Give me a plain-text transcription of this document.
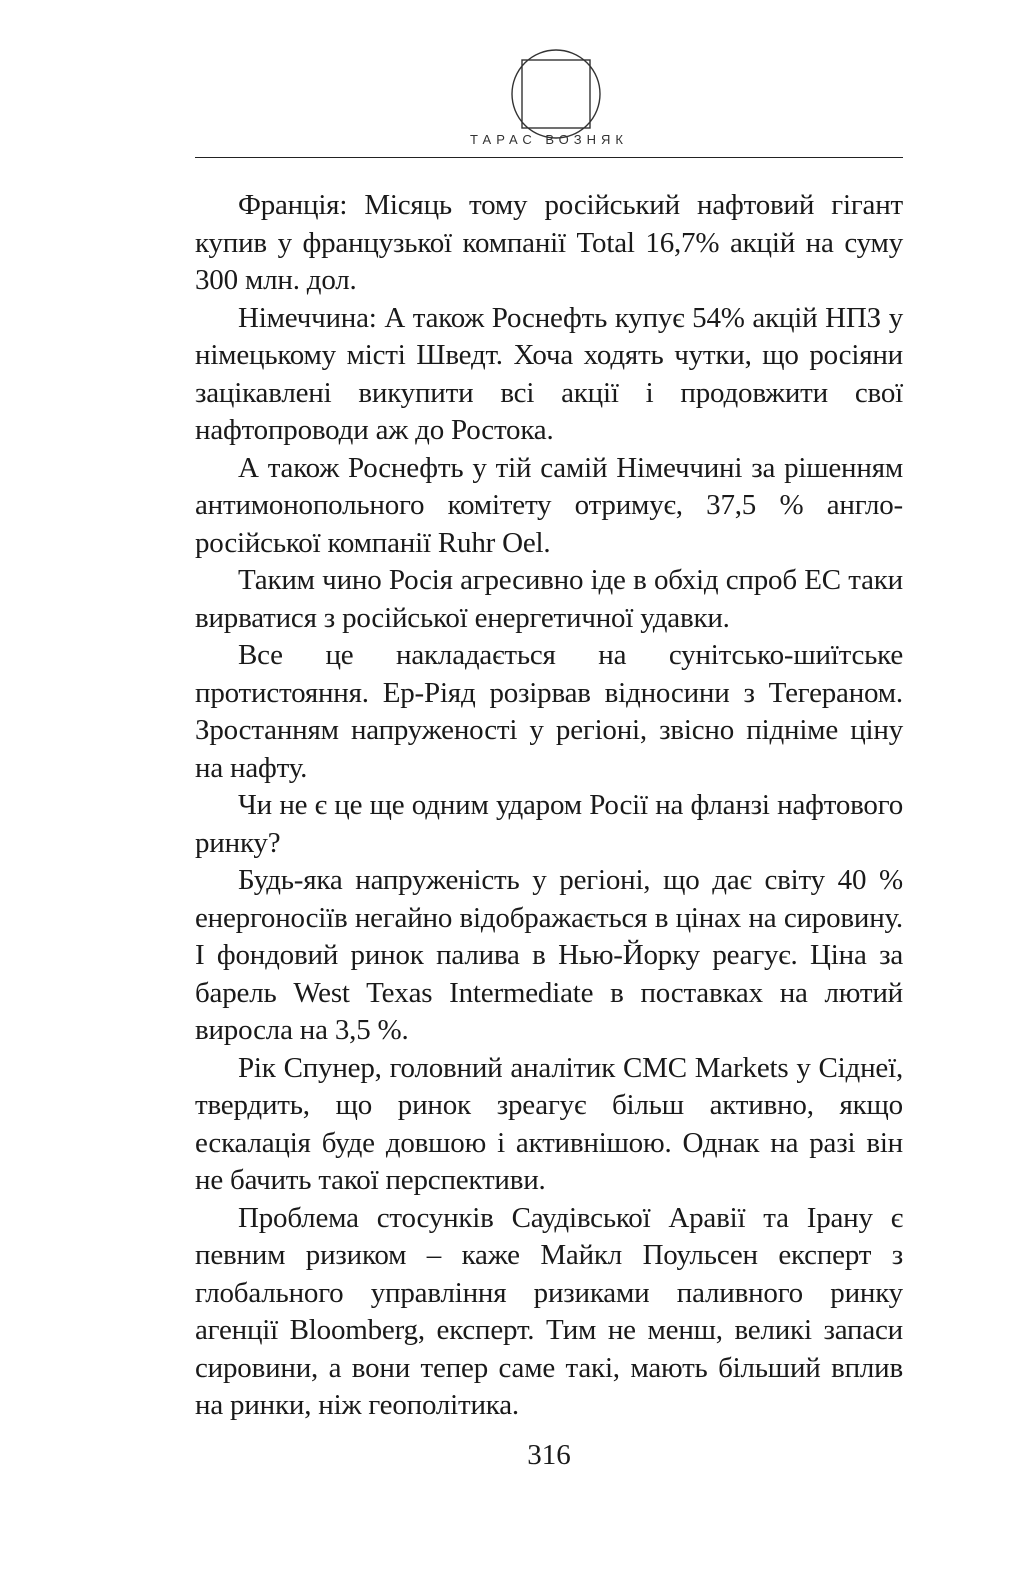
ТАРАС ВОЗНЯК

Франція: Місяць тому російський нафтовий гігант купив у французької компанії Total 16,7% акцій на суму 300 млн. дол.

Німеччина: А також Роснефть купує 54% акцій НПЗ у німецькому місті Шведт. Хоча ходять чутки, що росіяни зацікавлені викупити всі акції і продовжити свої нафтопроводи аж до Ростока.

А також Роснефть у тій самій Німеччині за рішенням антимонопольного комітету отримує, 37,5 % англо-російської компанії Ruhr Oel.

Таким чино Росія агресивно іде в обхід спроб ЕС таки вирватися з російської енергетичної удавки.

Все це накладається на сунітсько-шиїтське протистояння. Ер-Ріяд розірвав відносини з Тегераном. Зростанням напруженості у регіоні, звісно підніме ціну на нафту.

Чи не є це ще одним ударом Росії на фланзі нафтового ринку?

Будь-яка напруженість у регіоні, що дає світу 40 % енергоносіїв негайно відображається в цінах на сировину. І фондовий ринок палива в Нью-Йорку реагує. Ціна за барель West Texas Intermediate в поставках на лютий виросла на 3,5 %.

Рік Спунер, головний аналітик CMC Markets у Сіднеї, твердить, що ринок зреагує більш активно, якщо ескалація буде довшою і активнішою. Однак на разі він не бачить такої перспективи.

Проблема стосунків Саудівської Аравії та Ірану є певним ризиком – каже Майкл Поульсен експерт з глобального управління ризиками паливного ринку агенції Bloomberg, експерт. Тим не менш, великі запаси сировини, а вони тепер саме такі, мають більший вплив на ринки, ніж геополітика.

316
